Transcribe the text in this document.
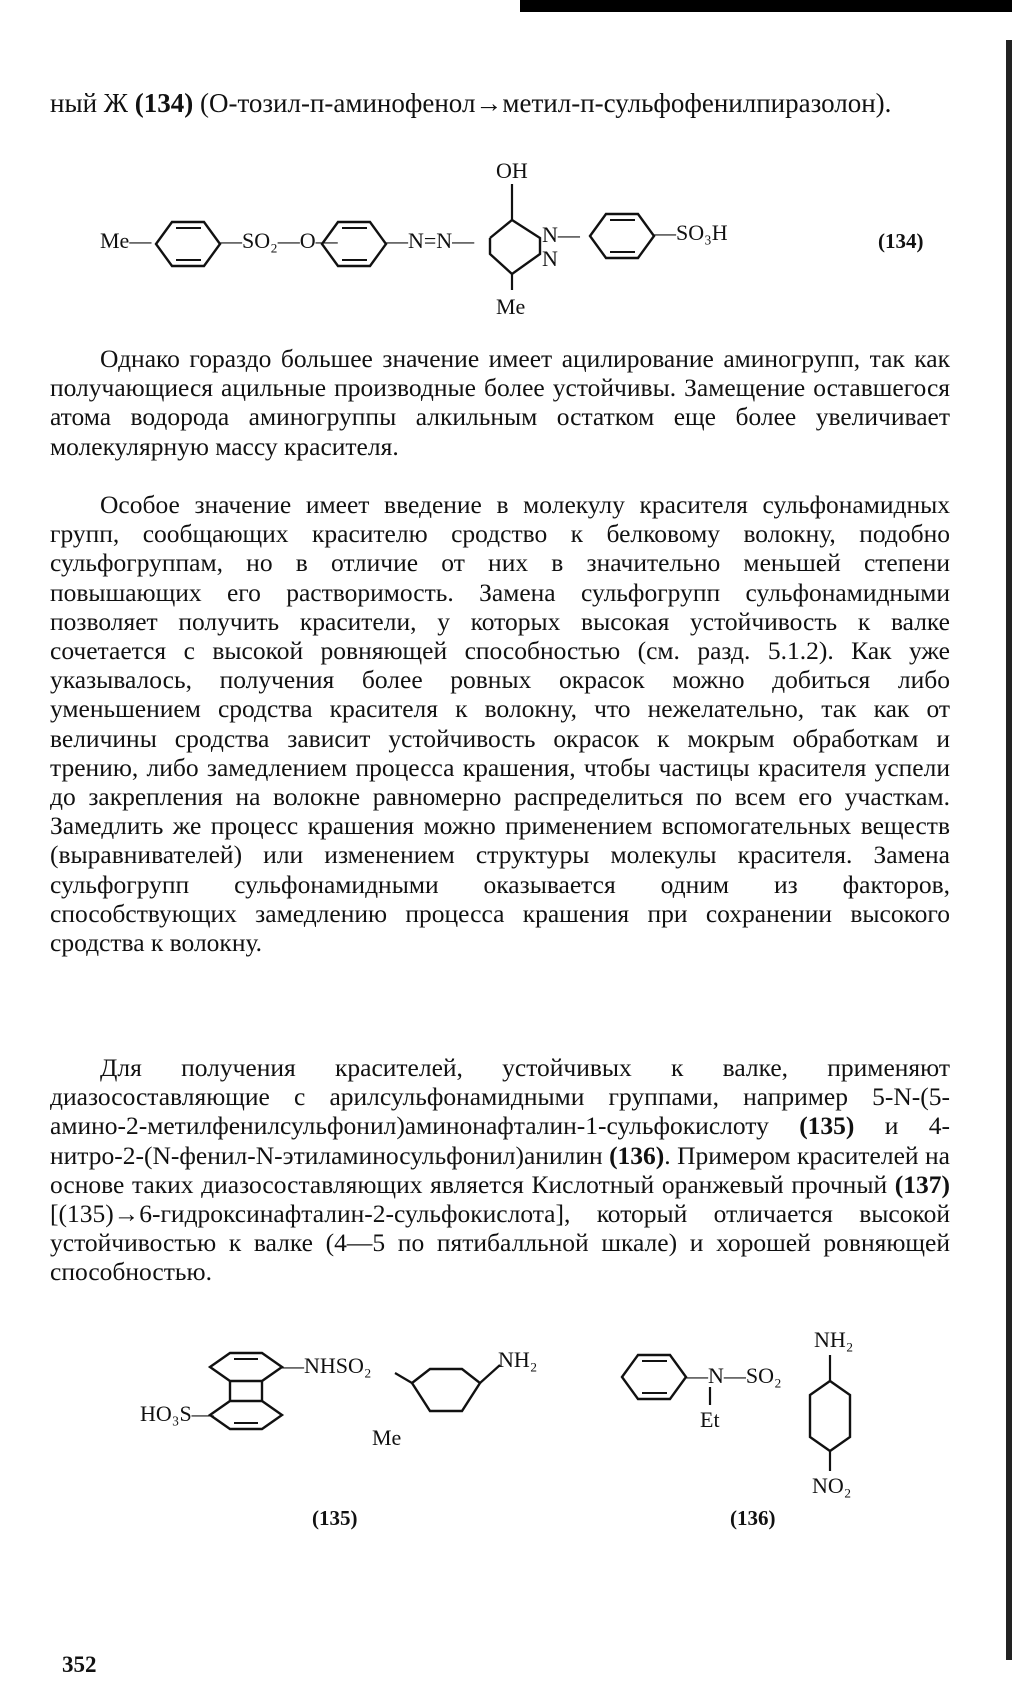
ный Ж (134) (О-тозил-п-аминофенол→метил-п-сульфофенилпиразолон).
Me—	—SO₂—O— —N=N—
OH
N—
N
Me
—SO₃H	(134)

Однако гораздо большее значение имеет ацилирование аминогрупп, так как получающиеся ацильные производные более устойчивы. Замещение оставшегося атома водорода аминогруппы алкильным остатком еще более увеличивает молекулярную массу красителя.

Особое значение имеет введение в молекулу красителя сульфонамидных групп, сообщающих красителю сродство к белковому волокну, подобно сульфогруппам, но в отличие от них в значительно меньшей степени повышающих его растворимость. Замена сульфогрупп сульфонамидными позволяет получить красители, у которых высокая устойчивость к валке сочетается с высокой ровняющей способностью (см. разд. 5.1.2). Как уже указывалось, получения более ровных окрасок можно добиться либо уменьшением сродства красителя к волокну, что нежелательно, так как от величины сродства зависит устойчивость окрасок к мокрым обработкам и трению, либо замедлением процесса крашения, чтобы частицы красителя успели до закрепления на волокне равномерно распределиться по всем его участкам. Замедлить же процесс крашения можно применением вспомогательных веществ (выравнивателей) или изменением структуры молекулы красителя. Замена сульфогрупп сульфонамидными оказывается одним из факторов, способствующих замедлению процесса крашения при сохранении высокого сродства к волокну.

Для получения красителей, устойчивых к валке, применяют диазосоставляющие с арилсульфонамидными группами, например 5-N-(5-амино-2-метилфенилсульфонил)аминонафталин-1-сульфокислоту (135) и 4-нитро-2-(N-фенил-N-этиламиносульфонил)анилин (136). Примером красителей на основе таких диазосоставляющих является Кислотный оранжевый прочный (137) [(135)→6-гидроксинафталин-2-сульфокислота], который отличается высокой устойчивостью к валке (4—5 по пятибалльной шкале) и хорошей ровняющей способностью.

—NHSO₂
HO₃S—
NH₂
Me
(135)
—N—SO₂
Et
NH₂
NO₂
(136)
352
